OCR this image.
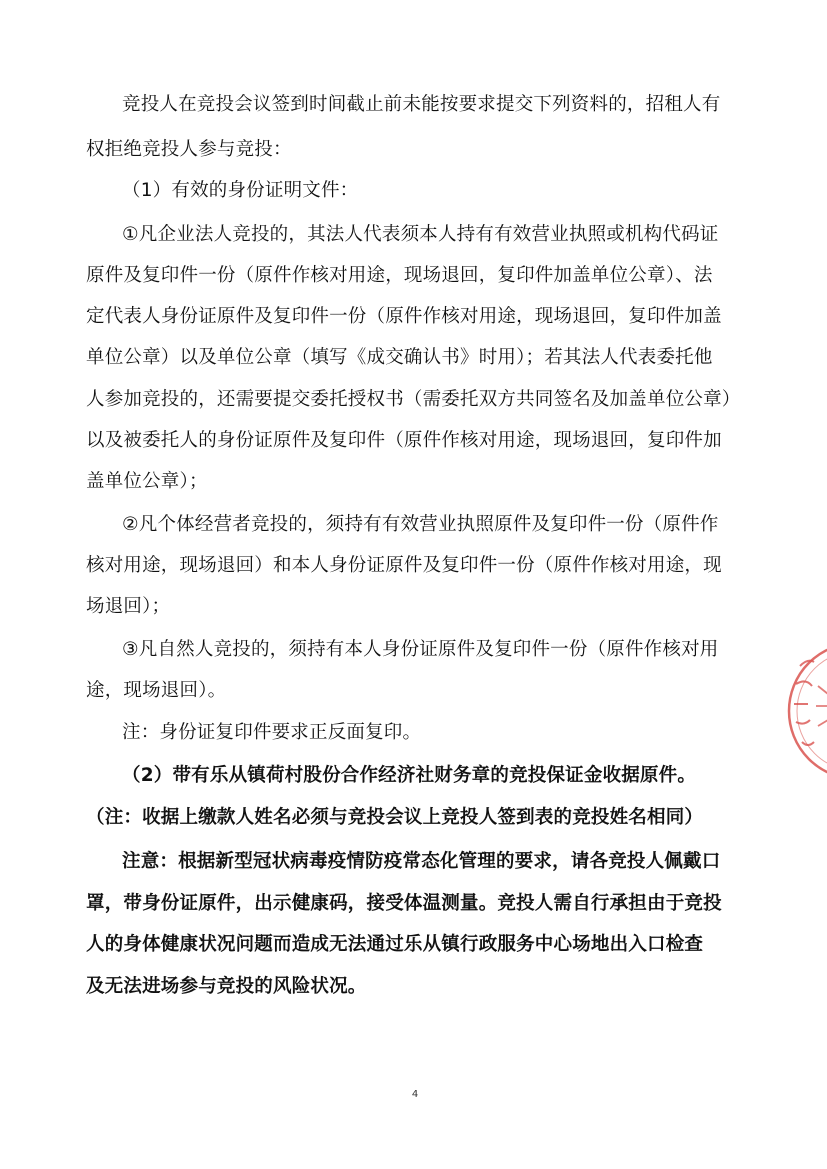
竞投人在竞投会议签到时间截止前未能按要求提交下列资料的，招租人有
权拒绝竞投人参与竞投：
（1）有效的身份证明文件：
①凡企业法人竞投的，其法人代表须本人持有有效营业执照或机构代码证
原件及复印件一份（原件作核对用途，现场退回，复印件加盖单位公章）、法
定代表人身份证原件及复印件一份（原件作核对用途，现场退回，复印件加盖
单位公章）以及单位公章（填写《成交确认书》时用）；若其法人代表委托他
人参加竞投的，还需要提交委托授权书（需委托双方共同签名及加盖单位公章）
以及被委托人的身份证原件及复印件（原件作核对用途，现场退回，复印件加
盖单位公章）；
②凡个体经营者竞投的，须持有有效营业执照原件及复印件一份（原件作
核对用途，现场退回）和本人身份证原件及复印件一份（原件作核对用途，现
场退回）；
③凡自然人竞投的，须持有本人身份证原件及复印件一份（原件作核对用
途，现场退回）。
注：身份证复印件要求正反面复印。
（2）带有乐从镇荷村股份合作经济社财务章的竞投保证金收据原件。
（注：收据上缴款人姓名必须与竞投会议上竞投人签到表的竞投姓名相同）
注意：根据新型冠状病毒疫情防疫常态化管理的要求，请各竞投人佩戴口
罩，带身份证原件，出示健康码，接受体温测量。竞投人需自行承担由于竞投
人的身体健康状况问题而造成无法通过乐从镇行政服务中心场地出入口检查
及无法进场参与竞投的风险状况。
4
